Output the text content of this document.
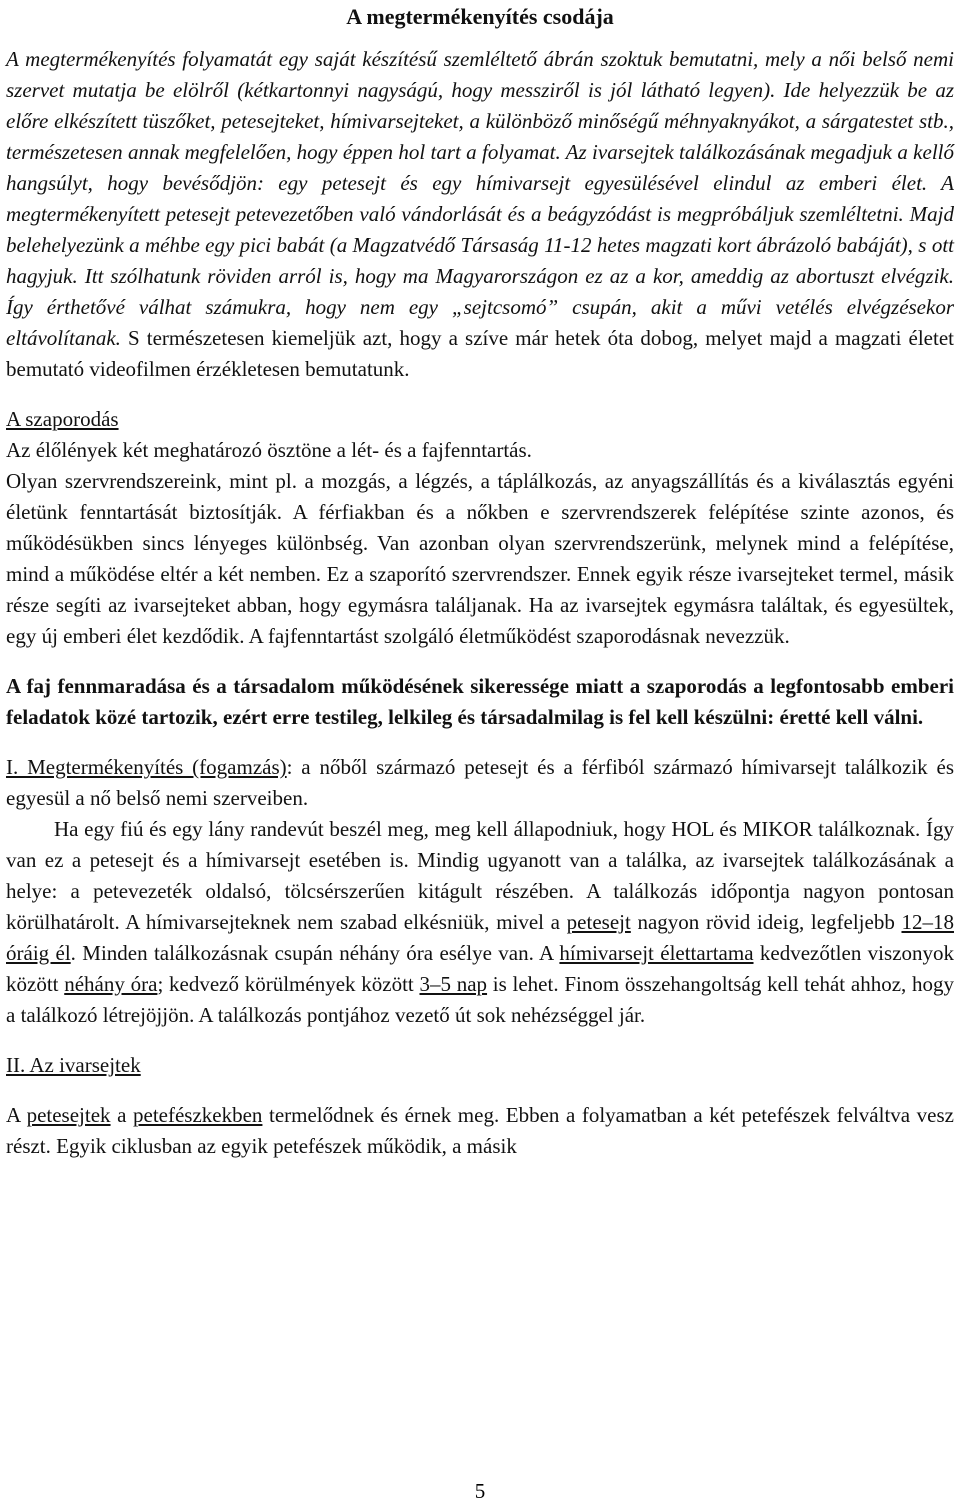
A megtermékenyítés csodája

A megtermékenyítés folyamatát egy saját készítésű szemléltető ábrán szoktuk bemutatni, mely a női belső nemi szervet mutatja be elölről (kétkartonnyi nagyságú, hogy messziről is jól látható legyen). Ide helyezzük be az előre elkészített tüszőket, petesejteket, hímivarsejteket, a különböző minőségű méhnyaknyákot, a sárgatestet stb., természetesen annak megfelelően, hogy éppen hol tart a folyamat. Az ivarsejtek találkozásának megadjuk a kellő hangsúlyt, hogy bevésődjön: egy petesejt és egy hímivarsejt egyesülésével elindul az emberi élet. A megtermékenyített petesejt petevezetőben való vándorlását és a beágyzódást is megpróbáljuk szemléltetni. Majd belehelyezünk a méhbe egy pici babát (a Magzatvédő Társaság 11-12 hetes magzati kort ábrázoló babáját), s ott hagyjuk. Itt szólhatunk röviden arról is, hogy ma Magyarországon ez az a kor, ameddig az abortuszt elvégzik. Így érthetővé válhat számukra, hogy nem egy „sejtcsomó” csupán, akit a művi vetélés elvégzésekor eltávolítanak. S természetesen kiemeljük azt, hogy a szíve már hetek óta dobog, melyet majd a magzati életet bemutató videofilmen érzékletesen bemutatunk.

A szaporodás

Az élőlények két meghatározó ösztöne a lét- és a fajfenntartás.

Olyan szervrendszereink, mint pl. a mozgás, a légzés, a táplálkozás, az anyagszállítás és a kiválasztás egyéni életünk fenntartását biztosítják. A férfiakban és a nőkben e szervrendszerek felépítése szinte azonos, és működésükben sincs lényeges különbség. Van azonban olyan szervrendszerünk, melynek mind a felépítése, mind a működése eltér a két nemben. Ez a szaporító szervrendszer. Ennek egyik része ivarsejteket termel, másik része segíti az ivarsejteket abban, hogy egymásra találjanak. Ha az ivarsejtek egymásra találtak, és egyesültek, egy új emberi élet kezdődik. A fajfenntartást szolgáló életműködést szaporodásnak nevezzük.

A faj fennmaradása és a társadalom működésének sikeressége miatt a szaporodás a legfontosabb emberi feladatok közé tartozik, ezért erre testileg, lelkileg és társadalmilag is fel kell készülni: éretté kell válni.

I. Megtermékenyítés (fogamzás): a nőből származó petesejt és a férfiból származó hímivarsejt találkozik és egyesül a nő belső nemi szerveiben.

Ha egy fiú és egy lány randevút beszél meg, meg kell állapodniuk, hogy HOL és MIKOR találkoznak. Így van ez a petesejt és a hímivarsejt esetében is. Mindig ugyanott van a találka, az ivarsejtek találkozásának a helye: a petevezeték oldalsó, tölcsérszerűen kitágult részében. A találkozás időpontja nagyon pontosan körülhatárolt. A hímivarsejteknek nem szabad elkésniük, mivel a petesejt nagyon rövid ideig, legfeljebb 12–18 óráig él. Minden találkozásnak csupán néhány óra esélye van. A hímivarsejt élettartama kedvezőtlen viszonyok között néhány óra; kedvező körülmények között 3–5 nap is lehet. Finom összehangoltság kell tehát ahhoz, hogy a találkozó létrejöjjön. A találkozás pontjához vezető út sok nehézséggel jár.

II. Az ivarsejtek

A petesejtek a petefészkekben termelődnek és érnek meg. Ebben a folyamatban a két petefészek felváltva vesz részt. Egyik ciklusban az egyik petefészek működik, a másik

5
